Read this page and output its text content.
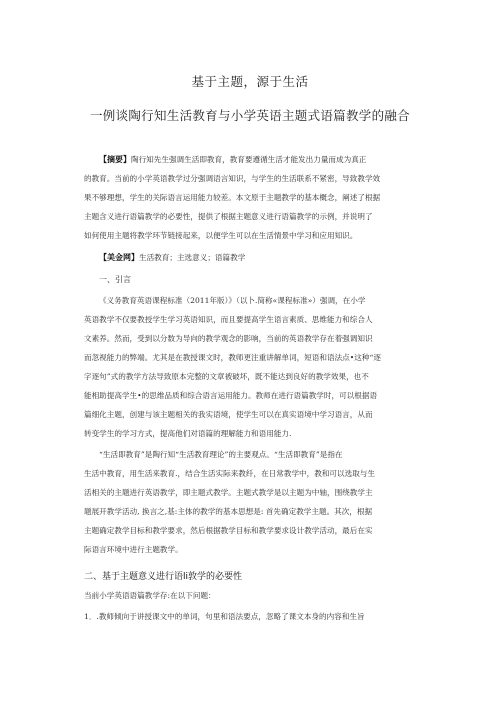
基于主题，源于生活
一例谈陶行知生活教育与小学英语主题式语篇教学的融合
【摘要】陶行知先生强调生活即教育，教育要遵循生活才能发出力量而成为真正
的教育。当前的小学英语教学过分强调语言知识，与学生的生活联系不紧密，导致教学效
果不够理想，学生的关际语言运用能力较差。本文原于主题教学的基本概念，阐述了根据
主题含义进行语篇教学的必要性，提供了根据主题意义进行语篇教学的示例，并说明了
如何使用主题将教学环节链接起来，以便学生可以在生活情景中学习和应用知识。
【美金网】生活教育；主选意义；语篇教学
一、引言
《义务教育英语课程标准（2011年版）》（以卜.简称«课程标准»）强调，在小学
英语教学不仅要教授学生学习英语知识，而且要提高学生语言素质、思维能力和综合人
文素养。然而，受到以分数为导向的教学观念的影响，当前的英语教学存在着强调知识
而忽视能力的弊端。尤其是在教授课文时，教师更注重讲解单词，短语和语法点•这种“逐
字逐句”式的教学方法导致原本完整的文章被破坏，既不能达到良好的教学效果，也不
能相助提高学生•的思维品质和综合语言运用能力。教师在进行语篇教学时，可以根据语
篇细化主题，创建与该主题相关的我实语境，使学生可以在真实语境中学习语言，从而
转变学生的学习方式，提高他们对语篇的理解能力和语用能力.
“生活即教育”是陶行知“生活教育理论”的主要观点。“生活即教育”是指在
生活中教育，用生活来教育.，结合生活实际来教纤，在日常教学中，教和可以选取与生
活相关的主题进行英语教学，即主题式教学。主题式教学是以主题为中轴，围绕教学主
题展开教学活动, 换言之,基:主体的教学的基本思想是: 首先确定教学主题。其次，根据
主题确定教学目标和教学要求，然后根据教学目标和教学要求设计教学活动，最后在实
际语言环境中进行主题教学。
二、基于主题意义进行语li敦学的必要性
当前小学英语语篇教学存:在以下问题：
1．.教师倾向于讲授课文中的单词，句里和语法要点，忽略了课文本身的内容和生旨
